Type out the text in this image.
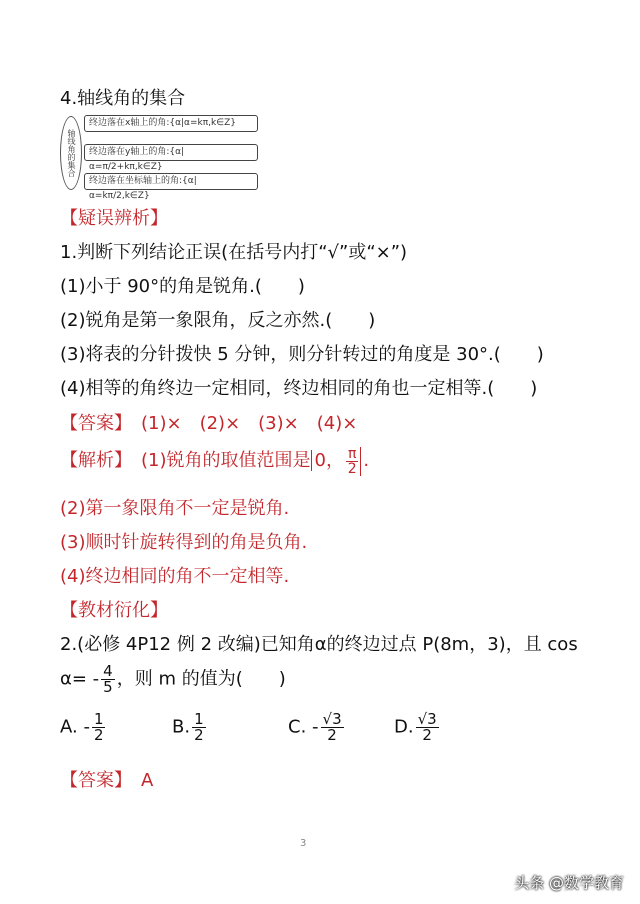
4.轴线角的集合
轴线角的集合
终边落在x轴上的角:{α|α=kπ,k∈Z}
终边落在y轴上的角:{α|α=π/2+kπ,k∈Z}
终边落在坐标轴上的角:{α|α=kπ/2,k∈Z}
【疑误辨析】
1.判断下列结论正误(在括号内打“√”或“×”)
(1)小于 90°的角是锐角.(　　)
(2)锐角是第一象限角，反之亦然.(　　)
(3)将表的分针拨快 5 分钟，则分针转过的角度是 30°.(　　)
(4)相等的角终边一定相同，终边相同的角也一定相等.(　　)
【答案】　 (1)×　(2)×　(3)×　(4)×
【解析】　 (1)锐角的取值范围是 0， $\frac{\pi}{2}$ .
(2)第一象限角不一定是锐角.
(3)顺时针旋转得到的角是负角.
(4)终边相同的角不一定相等.
【教材衍化】
2.(必修 4P12 例 2 改编)已知角α的终边过点 P(8m，3)，且 cos
$\alpha= - \frac{4}{5}$ ，则 m 的值为(　　)
A. - $\frac{1}{2}$	B. $\frac{1}{2}$	C. - $\frac{√3}{2}$	D. $\frac{√3}{2}$
【答案】　 A
3
头条 @数学教育
